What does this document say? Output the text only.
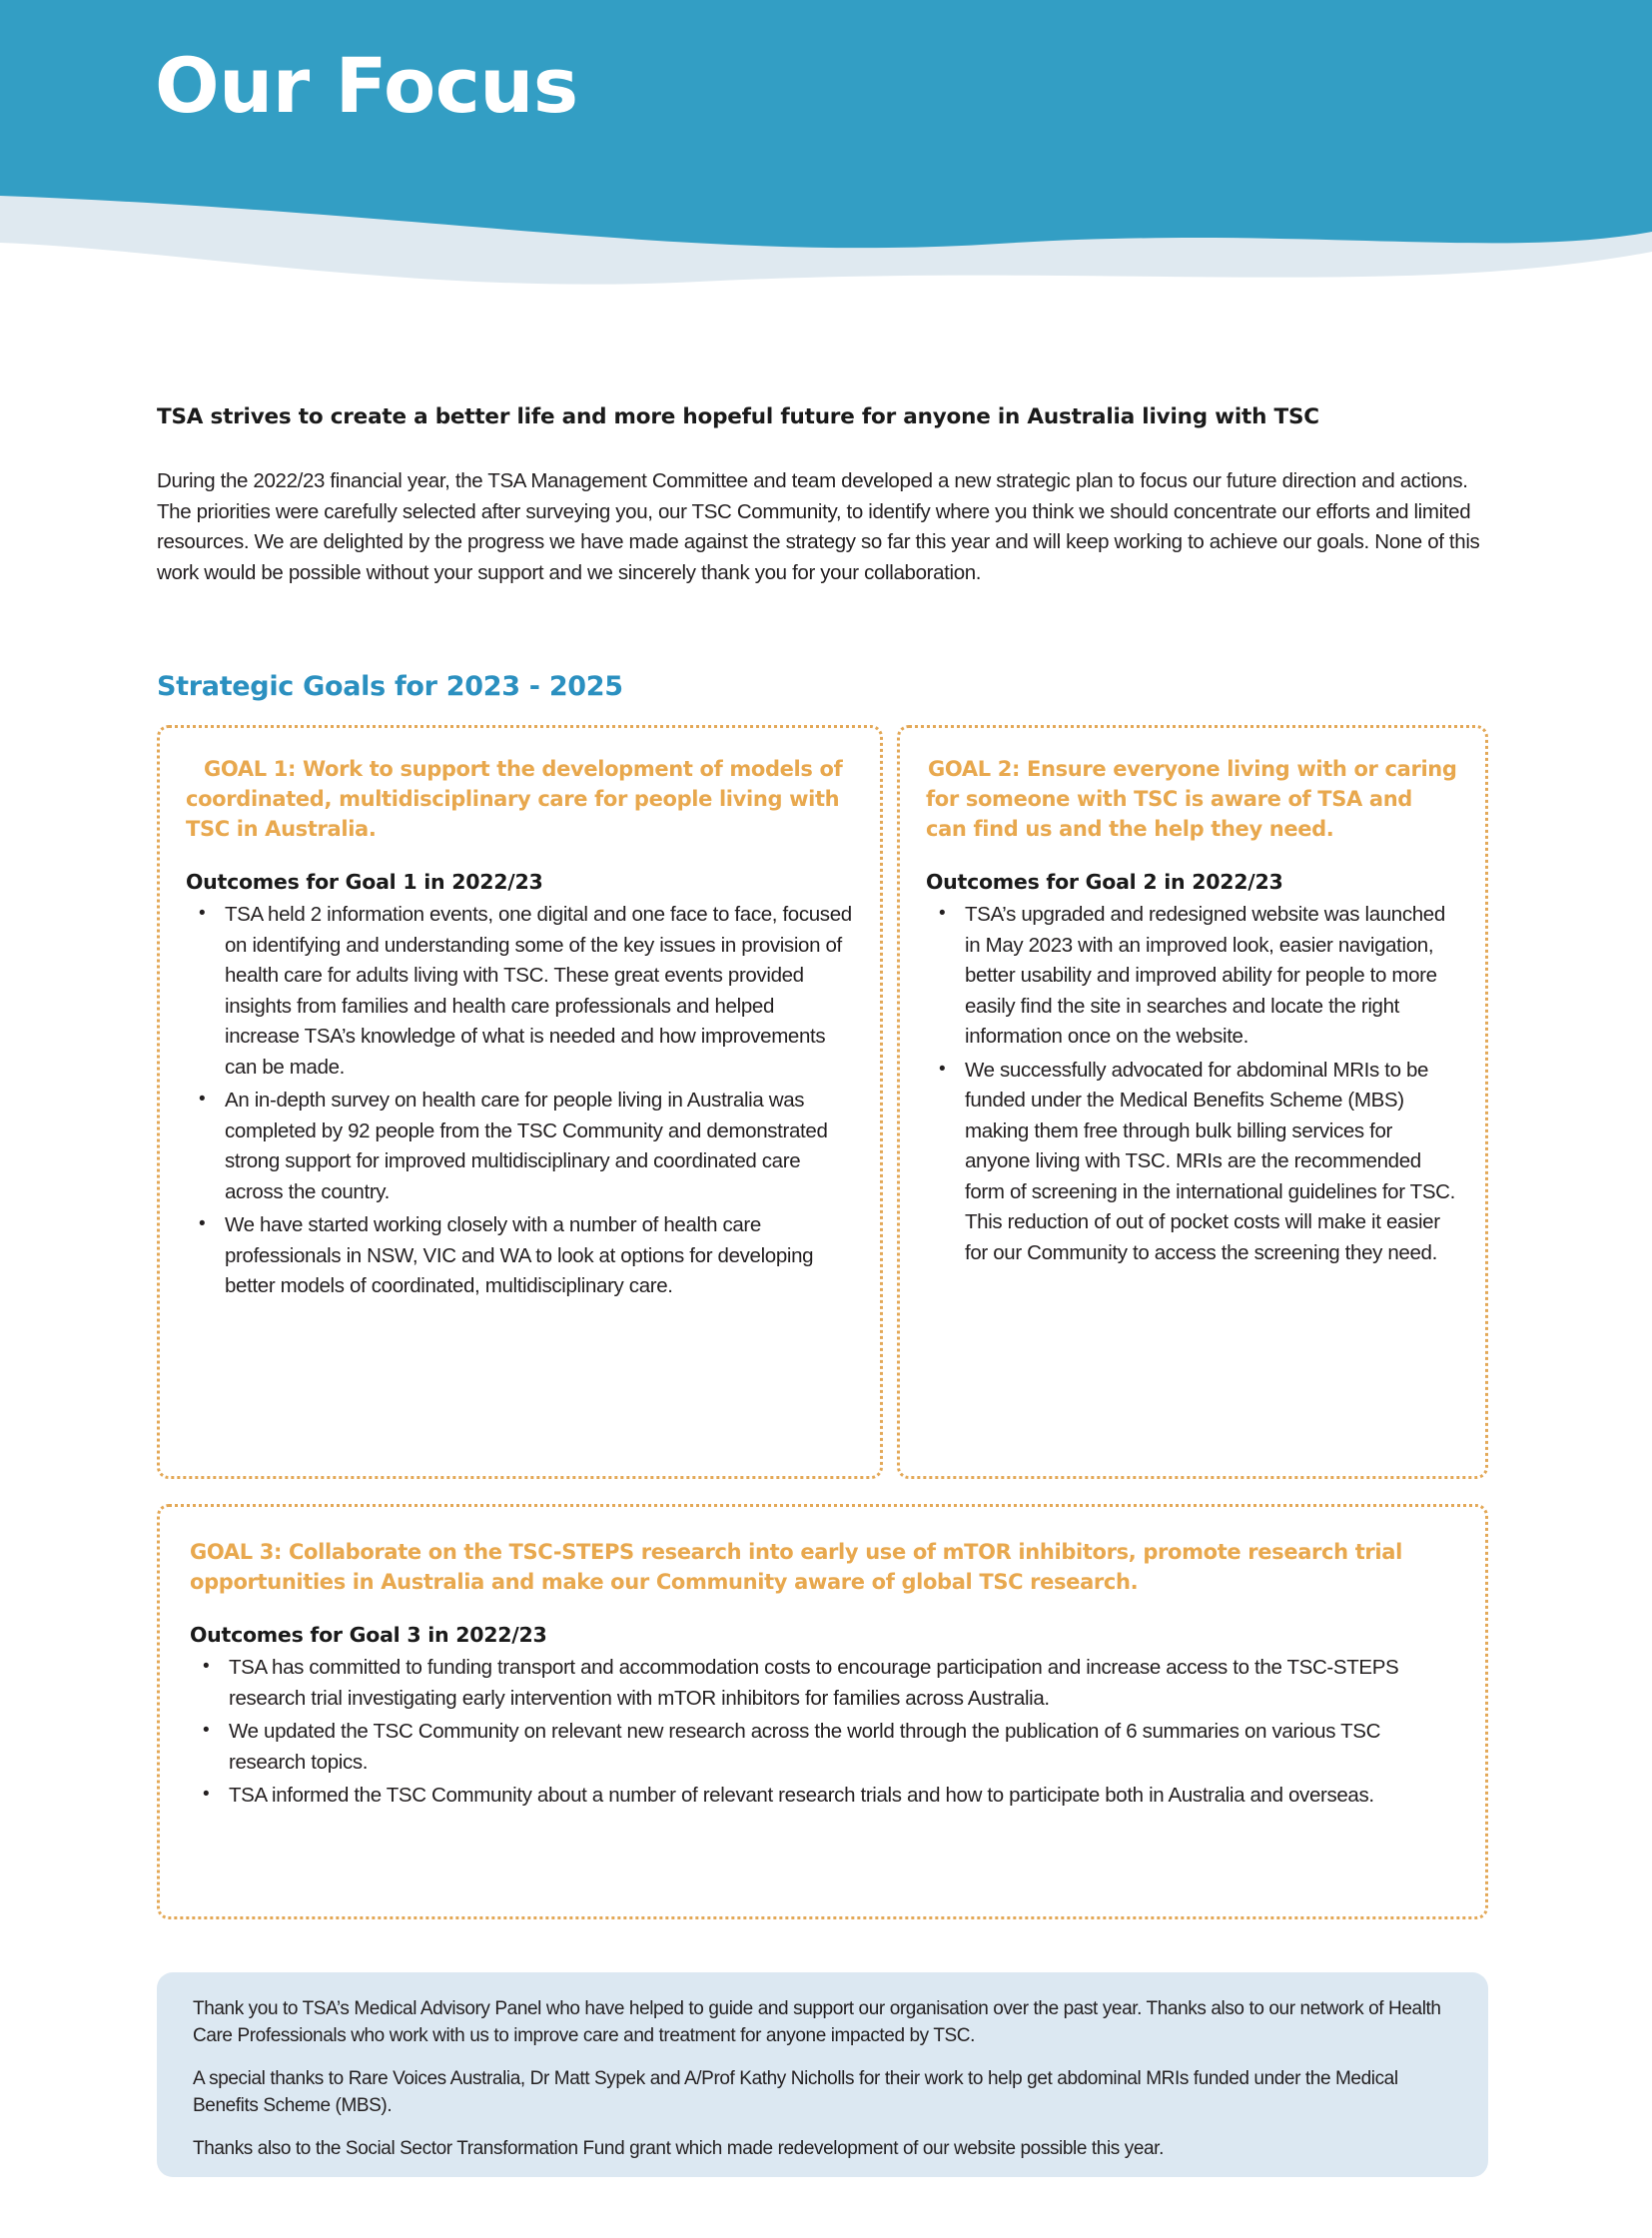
Our Focus
TSA strives to create a better life and more hopeful future for anyone in Australia living with TSC
During the 2022/23 financial year, the TSA Management Committee and team developed a new strategic plan to focus our future direction and actions. The priorities were carefully selected after surveying you, our TSC Community, to identify where you think we should concentrate our efforts and limited resources. We are delighted by the progress we have made against the strategy so far this year and will keep working to achieve our goals. None of this work would be possible without your support and we sincerely thank you for your collaboration.
Strategic Goals for 2023 - 2025

GOAL 1: Work to support the development of models of coordinated, multidisciplinary care for people living with TSC in Australia.

Outcomes for Goal 1 in 2022/23
• TSA held 2 information events, one digital and one face to face, focused on identifying and understanding some of the key issues in provision of health care for adults living with TSC. These great events provided insights from families and health care professionals and helped increase TSA’s knowledge of what is needed and how improvements can be made.
• An in-depth survey on health care for people living in Australia was completed by 92 people from the TSC Community and demonstrated strong support for improved multidisciplinary and coordinated care across the country.
• We have started working closely with a number of health care professionals in NSW, VIC and WA to look at options for developing better models of coordinated, multidisciplinary care.

GOAL 2: Ensure everyone living with or caring for someone with TSC is aware of TSA and can find us and the help they need.

Outcomes for Goal 2 in 2022/23
• TSA’s upgraded and redesigned website was launched in May 2023 with an improved look, easier navigation, better usability and improved ability for people to more easily find the site in searches and locate the right information once on the website.
• We successfully advocated for abdominal MRIs to be funded under the Medical Benefits Scheme (MBS) making them free through bulk billing services for anyone living with TSC. MRIs are the recommended form of screening in the international guidelines for TSC. This reduction of out of pocket costs will make it easier for our Community to access the screening they need.

GOAL 3: Collaborate on the TSC-STEPS research into early use of mTOR inhibitors, promote research trial opportunities in Australia and make our Community aware of global TSC research.

Outcomes for Goal 3 in 2022/23
• TSA has committed to funding transport and accommodation costs to encourage participation and increase access to the TSC-STEPS research trial investigating early intervention with mTOR inhibitors for families across Australia.
• We updated the TSC Community on relevant new research across the world through the publication of 6 summaries on various TSC research topics.
• TSA informed the TSC Community about a number of relevant research trials and how to participate both in Australia and overseas.

Thank you to TSA’s Medical Advisory Panel who have helped to guide and support our organisation over the past year. Thanks also to our network of Health Care Professionals who work with us to improve care and treatment for anyone impacted by TSC.

A special thanks to Rare Voices Australia, Dr Matt Sypek and A/Prof Kathy Nicholls for their work to help get abdominal MRIs funded under the Medical Benefits Scheme (MBS).

Thanks also to the Social Sector Transformation Fund grant which made redevelopment of our website possible this year.
